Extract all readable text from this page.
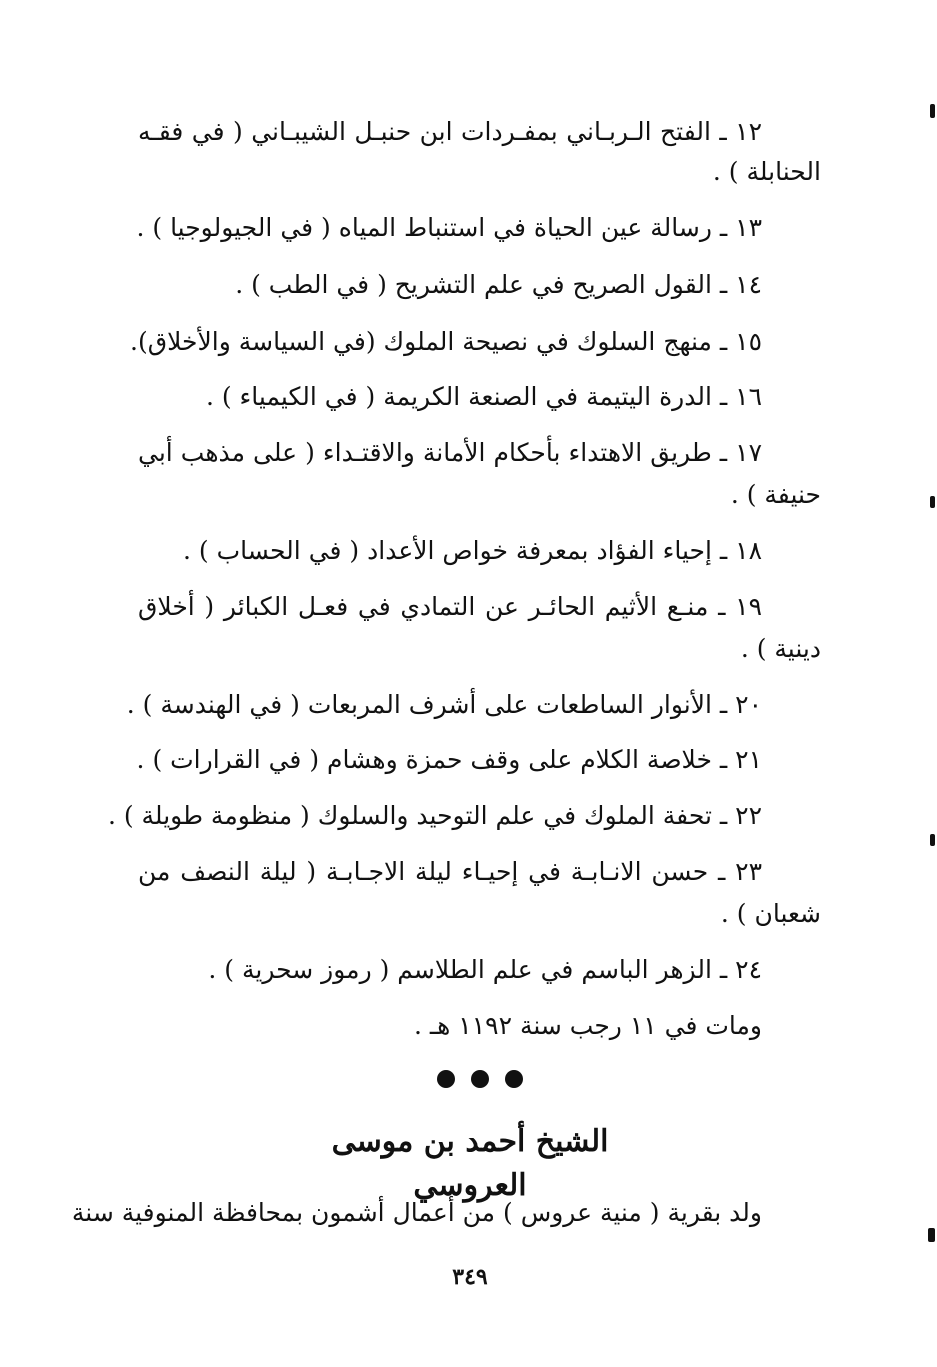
١٢ ـ الفتح الـربـاني بمفـردات ابن حنبـل الشيبـاني ( في فقـه
الحنابلة ) .
١٣ ـ رسالة عين الحياة في استنباط المياه ( في الجيولوجيا ) .
١٤ ـ القول الصريح في علم التشريح ( في الطب ) .
١٥ ـ منهج السلوك في نصيحة الملوك (في السياسة والأخلاق).
١٦ ـ الدرة اليتيمة في الصنعة الكريمة ( في الكيمياء ) .
١٧ ـ طريق الاهتداء بأحكام الأمانة والاقتـداء ( على مذهب أبي
حنيفة ) .
١٨ ـ إحياء الفؤاد بمعرفة خواص الأعداد ( في الحساب ) .
١٩ ـ منـع الأثيم الحائـر عن التمادي في فعـل الكبائر ( أخلاق
دينية ) .
٢٠ ـ الأنوار الساطعات على أشرف المربعات ( في الهندسة ) .
٢١ ـ خلاصة الكلام على وقف حمزة وهشام ( في القرارات ) .
٢٢ ـ تحفة الملوك في علم التوحيد والسلوك ( منظومة طويلة ) .
٢٣ ـ حسن الانـابـة في إحيـاء ليلة الاجـابـة ( ليلة النصف من
شعبان ) .
٢٤ ـ الزهر الباسم في علم الطلاسم ( رموز سحرية ) .
ومات في ١١ رجب سنة ١١٩٢ هـ .
الشيخ أحمد بن موسى العروسي
ولد بقرية ( منية عروس ) من أعمال أشمون بمحافظة المنوفية سنة
٣٤٩
